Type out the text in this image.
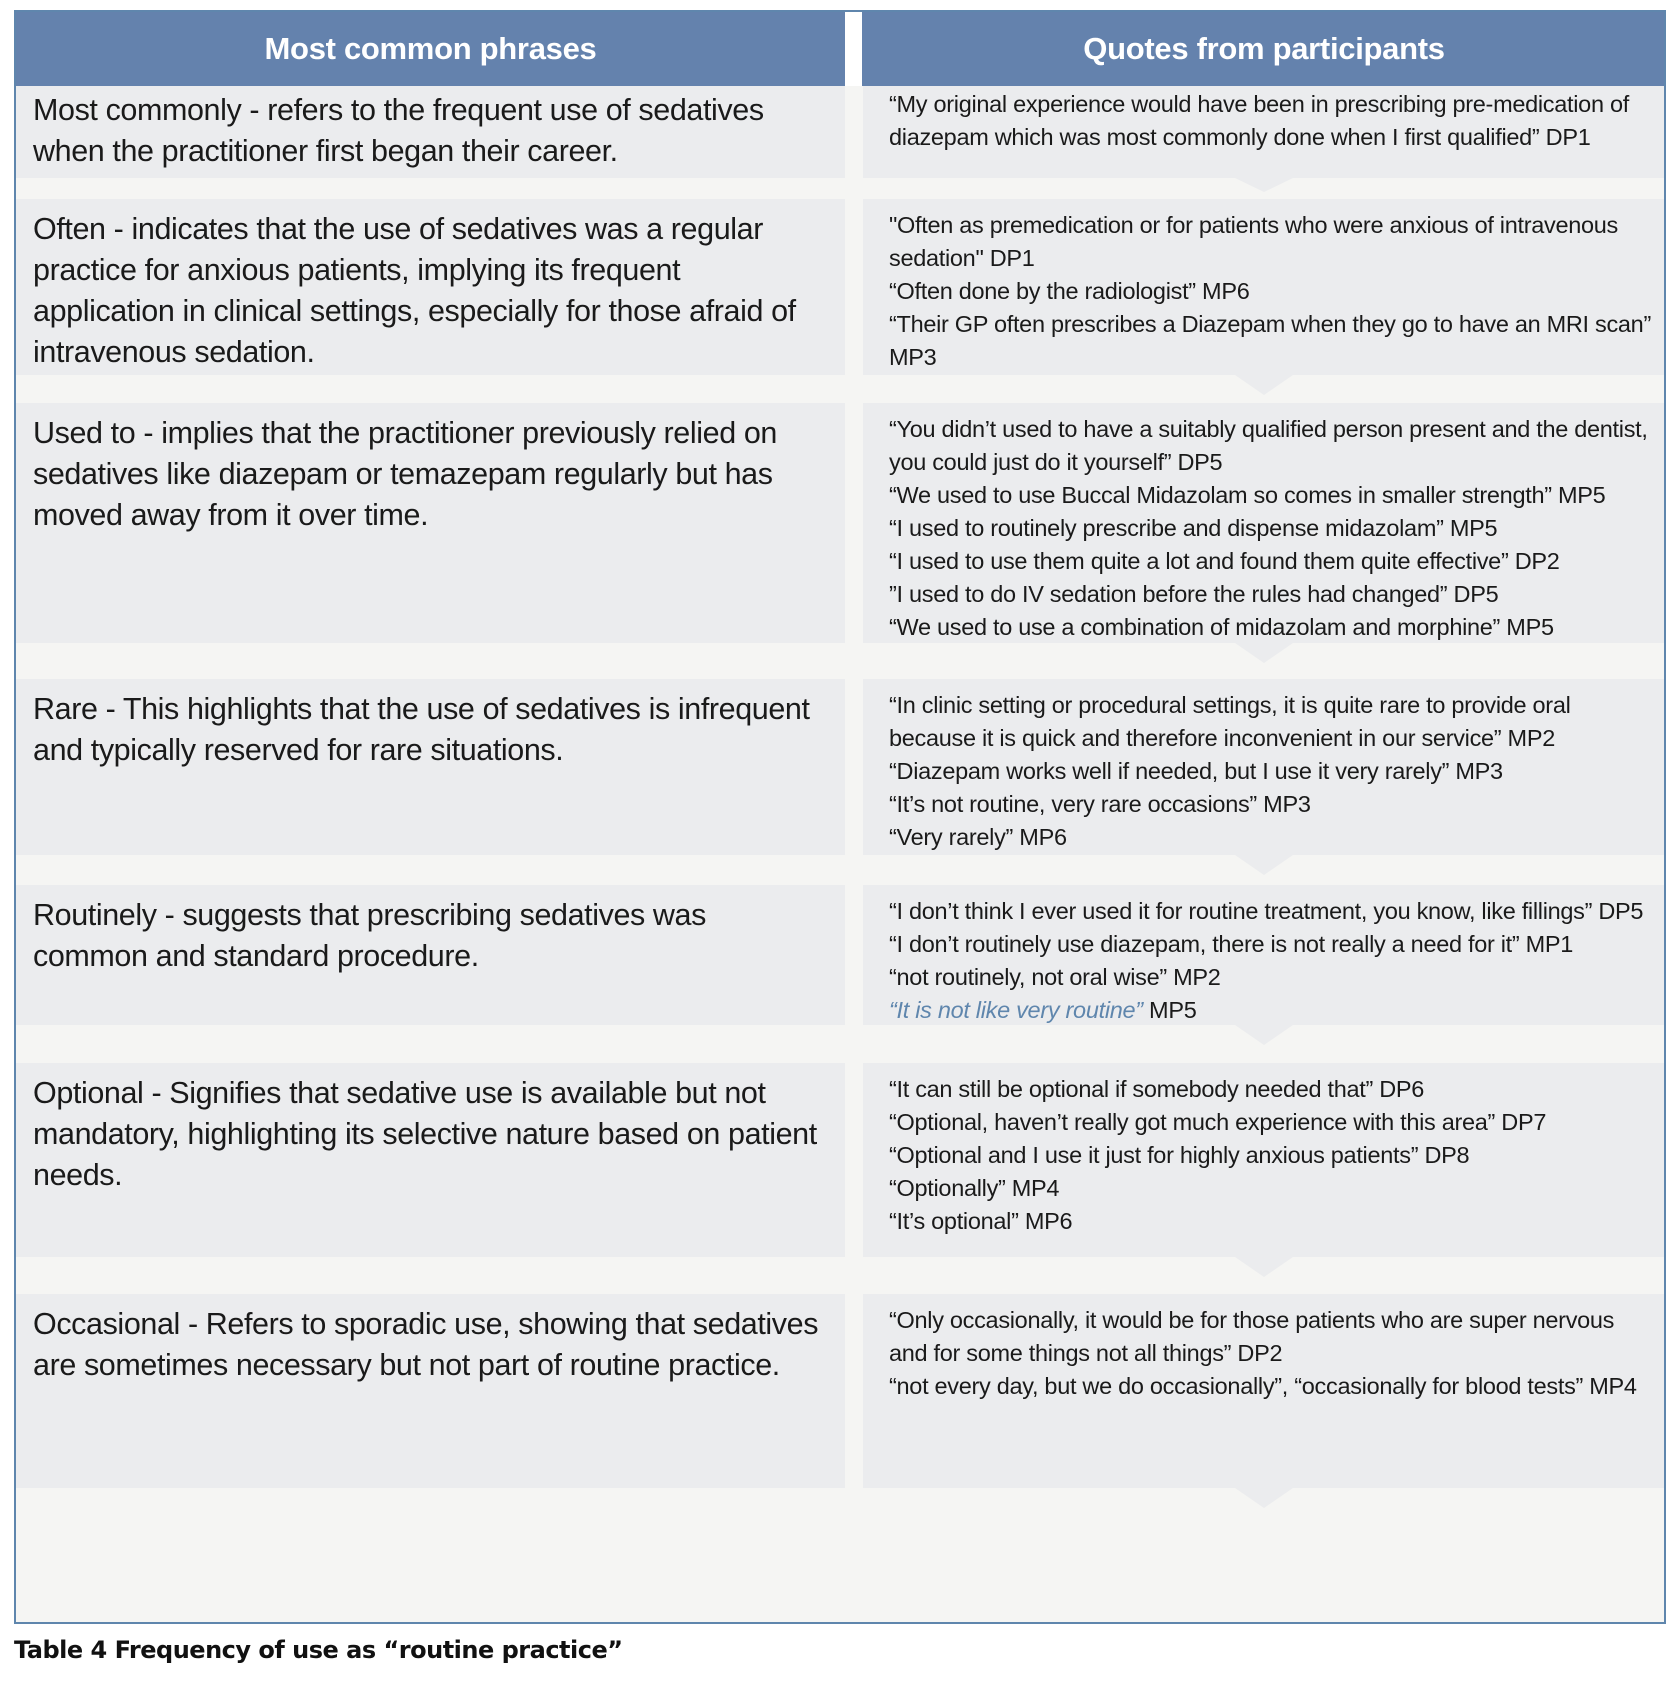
Most common phrases	Quotes from participants
Most commonly - refers to the frequent use of sedatives when the practitioner first began their career.
“My original experience would have been in prescribing pre-medication of diazepam which was most commonly done when I first qualified” DP1
Often - indicates that the use of sedatives was a regular practice for anxious patients, implying its frequent application in clinical settings, especially for those afraid of intravenous sedation.
"Often as premedication or for patients who were anxious of intravenous sedation" DP1
“Often done by the radiologist” MP6
“Their GP often prescribes a Diazepam when they go to have an MRI scan” MP3
Used to - implies that the practitioner previously relied on sedatives like diazepam or temazepam regularly but has moved away from it over time.
“You didn’t used to have a suitably qualified person present and the dentist, you could just do it yourself” DP5
“We used to use Buccal Midazolam so comes in smaller strength” MP5
“I used to routinely prescribe and dispense midazolam” MP5
“I used to use them quite a lot and found them quite effective” DP2
”I used to do IV sedation before the rules had changed” DP5
“We used to use a combination of midazolam and morphine” MP5
Rare - This highlights that the use of sedatives is infrequent and typically reserved for rare situations.
“In clinic setting or procedural settings, it is quite rare to provide oral because it is quick and therefore inconvenient in our service” MP2
“Diazepam works well if needed, but I use it very rarely” MP3
“It’s not routine, very rare occasions” MP3
“Very rarely” MP6
Routinely - suggests that prescribing sedatives was common and standard procedure.
“I don’t think I ever used it for routine treatment, you know, like fillings” DP5
“I don’t routinely use diazepam, there is not really a need for it” MP1
“not routinely, not oral wise” MP2
“It is not like very routine” MP5
Optional - Signifies that sedative use is available but not mandatory, highlighting its selective nature based on patient needs.
“It can still be optional if somebody needed that” DP6
“Optional, haven’t really got much experience with this area” DP7
“Optional and I use it just for highly anxious patients” DP8
“Optionally” MP4
“It’s optional” MP6
Occasional - Refers to sporadic use, showing that sedatives are sometimes necessary but not part of routine practice.
“Only occasionally, it would be for those patients who are super nervous and for some things not all things” DP2
“not every day, but we do occasionally”, “occasionally for blood tests” MP4
Table 4 Frequency of use as “routine practice”
